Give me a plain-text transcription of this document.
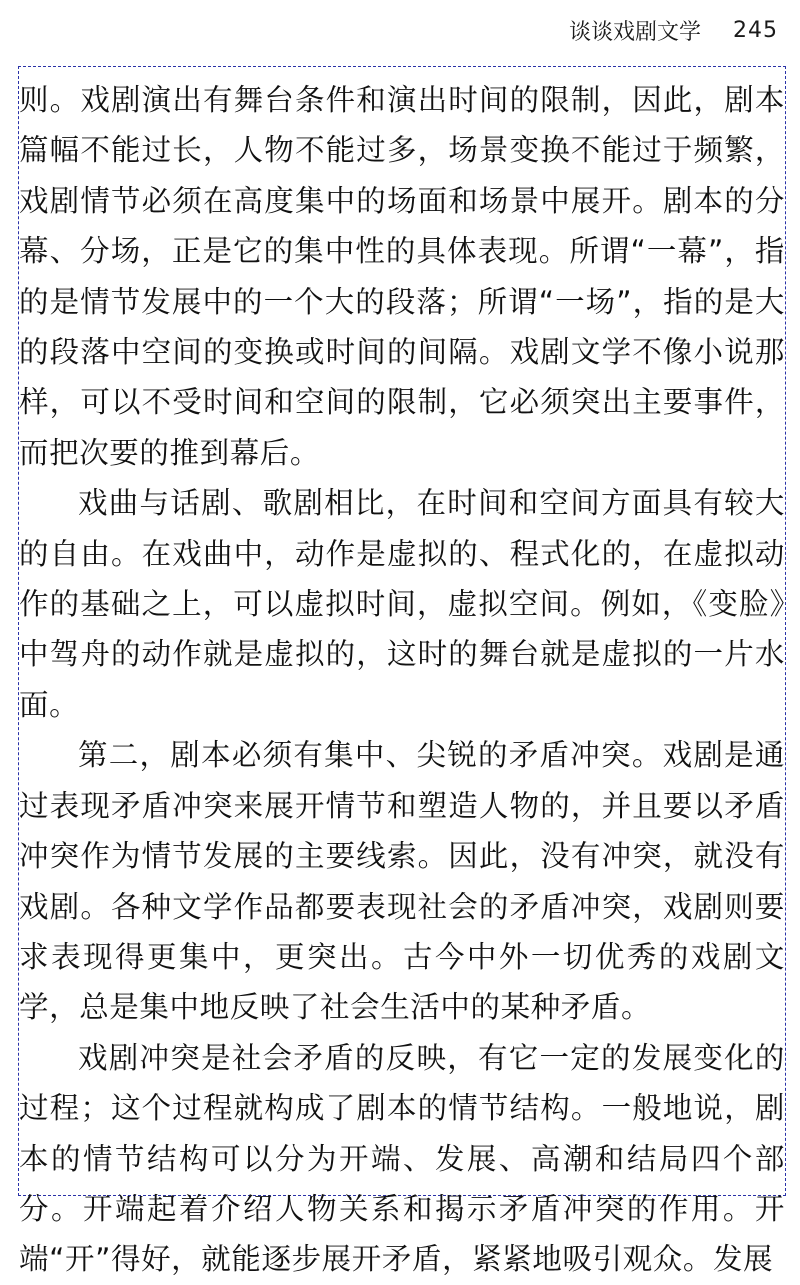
谈谈戏剧文学 245

则。戏剧演出有舞台条件和演出时间的限制，因此，剧本篇幅不能过长，人物不能过多，场景变换不能过于频繁，戏剧情节必须在高度集中的场面和场景中展开。剧本的分幕、分场，正是它的集中性的具体表现。所谓“一幕”，指的是情节发展中的一个大的段落；所谓“一场”，指的是大的段落中空间的变换或时间的间隔。戏剧文学不像小说那样，可以不受时间和空间的限制，它必须突出主要事件，而把次要的推到幕后。

戏曲与话剧、歌剧相比，在时间和空间方面具有较大的自由。在戏曲中，动作是虚拟的、程式化的，在虚拟动作的基础之上，可以虚拟时间，虚拟空间。例如，《变脸》中驾舟的动作就是虚拟的，这时的舞台就是虚拟的一片水面。

第二，剧本必须有集中、尖锐的矛盾冲突。戏剧是通过表现矛盾冲突来展开情节和塑造人物的，并且要以矛盾冲突作为情节发展的主要线索。因此，没有冲突，就没有戏剧。各种文学作品都要表现社会的矛盾冲突，戏剧则要求表现得更集中，更突出。古今中外一切优秀的戏剧文学，总是集中地反映了社会生活中的某种矛盾。

戏剧冲突是社会矛盾的反映，有它一定的发展变化的过程；这个过程就构成了剧本的情节结构。一般地说，剧本的情节结构可以分为开端、发展、高潮和结局四个部分。开端起着介绍人物关系和揭示矛盾冲突的作用。开端“开”得好，就能逐步展开矛盾，紧紧地吸引观众。发展
